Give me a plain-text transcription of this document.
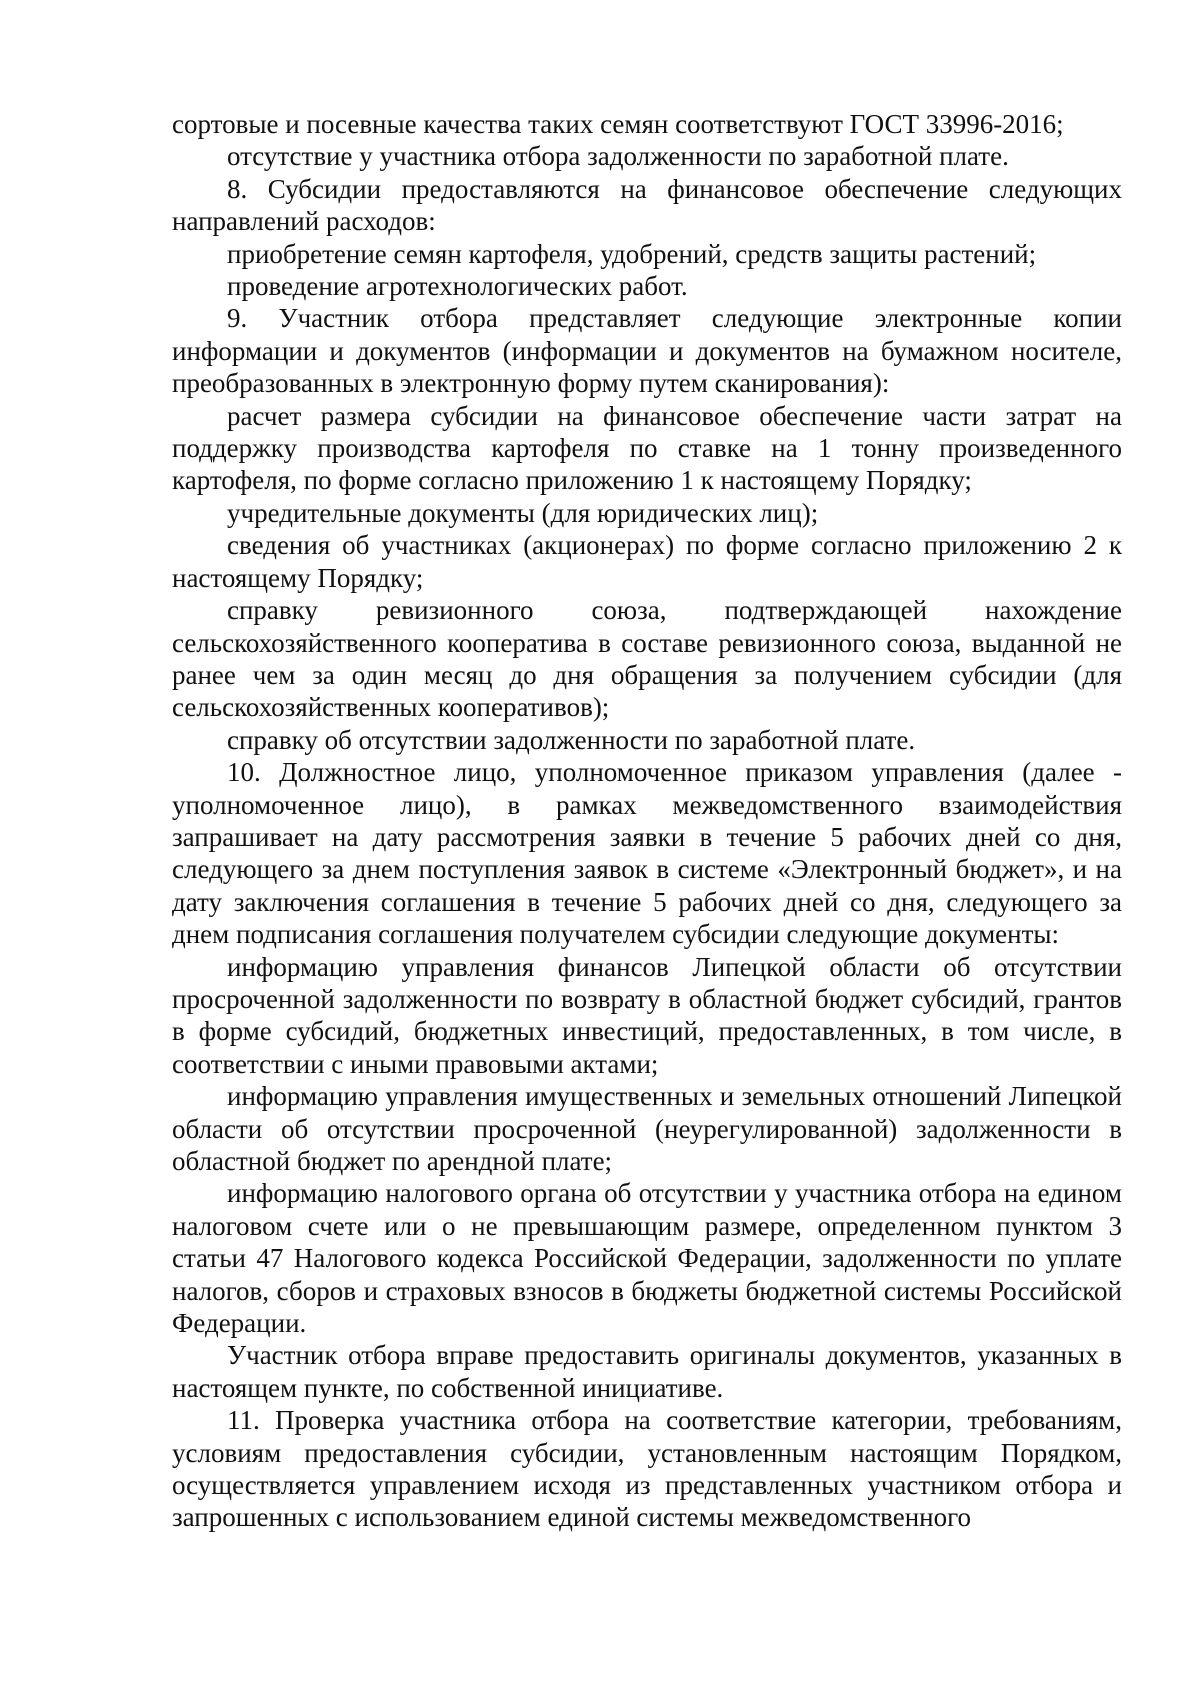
сортовые и посевные качества таких семян соответствуют ГОСТ 33996-2016;

отсутствие у участника отбора задолженности по заработной плате.

8. Субсидии предоставляются на финансовое обеспечение следующих направлений расходов:

приобретение семян картофеля, удобрений, средств защиты растений;

проведение агротехнологических работ.

9. Участник отбора представляет следующие электронные копии информации и документов (информации и документов на бумажном носителе, преобразованных в электронную форму путем сканирования):

расчет размера субсидии на финансовое обеспечение части затрат на поддержку производства картофеля по ставке на 1 тонну произведенного картофеля, по форме согласно приложению 1 к настоящему Порядку;

учредительные документы (для юридических лиц);

сведения об участниках (акционерах) по форме согласно приложению 2 к настоящему Порядку;

справку ревизионного союза, подтверждающей нахождение сельскохозяйственного кооператива в составе ревизионного союза, выданной не ранее чем за один месяц до дня обращения за получением субсидии (для сельскохозяйственных кооперативов);

справку об отсутствии задолженности по заработной плате.

10. Должностное лицо, уполномоченное приказом управления (далее - уполномоченное лицо), в рамках межведомственного взаимодействия запрашивает на дату рассмотрения заявки в течение 5 рабочих дней со дня, следующего за днем поступления заявок в системе «Электронный бюджет», и на дату заключения соглашения в течение 5 рабочих дней со дня, следующего за днем подписания соглашения получателем субсидии следующие документы:

информацию управления финансов Липецкой области об отсутствии просроченной задолженности по возврату в областной бюджет субсидий, грантов в форме субсидий, бюджетных инвестиций, предоставленных, в том числе, в соответствии с иными правовыми актами;

информацию управления имущественных и земельных отношений Липецкой области об отсутствии просроченной (неурегулированной) задолженности в областной бюджет по арендной плате;

информацию налогового органа об отсутствии у участника отбора на едином налоговом счете или о не превышающим размере, определенном пунктом 3 статьи 47 Налогового кодекса Российской Федерации, задолженности по уплате налогов, сборов и страховых взносов в бюджеты бюджетной системы Российской Федерации.

Участник отбора вправе предоставить оригиналы документов, указанных в настоящем пункте, по собственной инициативе.

11. Проверка участника отбора на соответствие категории, требованиям, условиям предоставления субсидии, установленным настоящим Порядком, осуществляется управлением исходя из представленных участником отбора и запрошенных с использованием единой системы межведомственного
